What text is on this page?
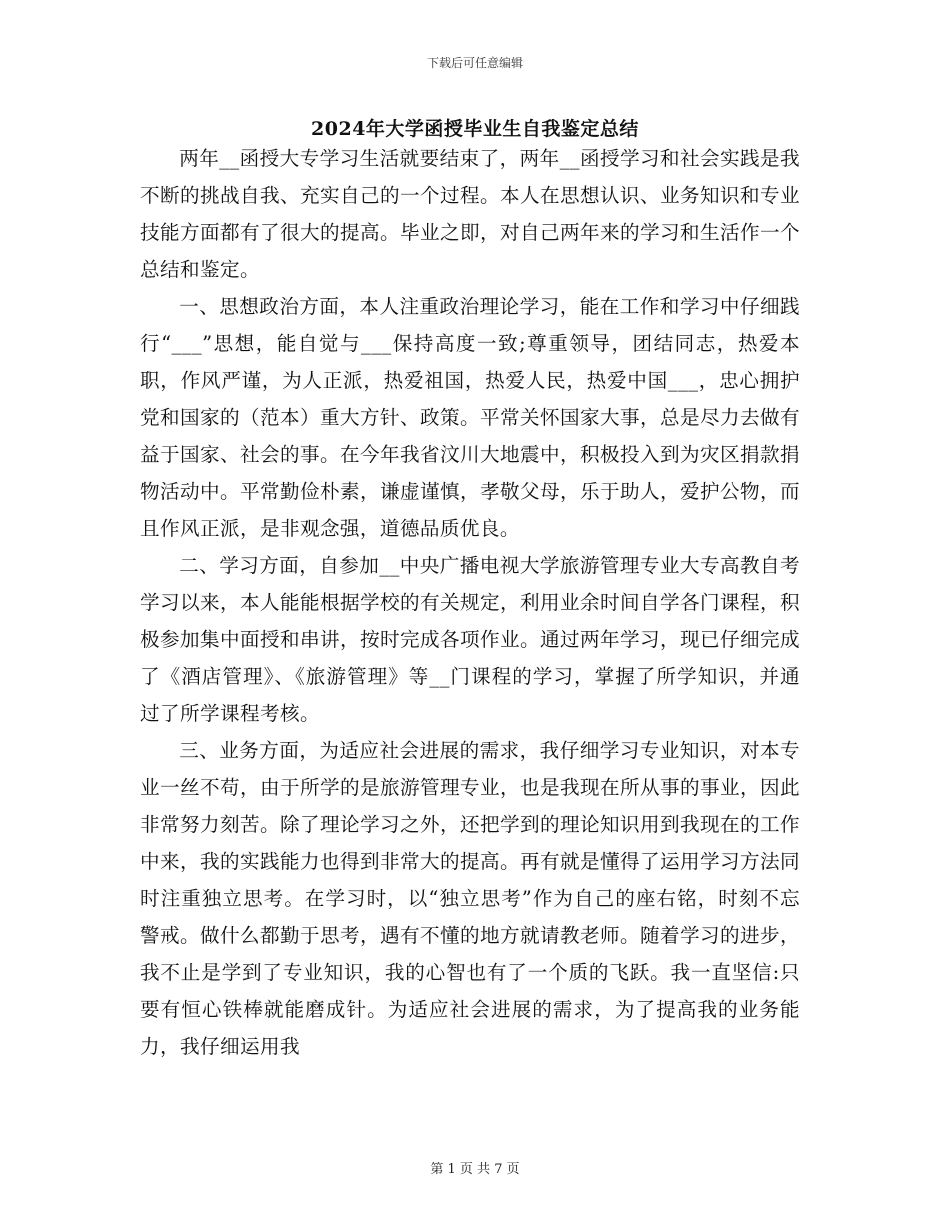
下载后可任意编辑
2024年大学函授毕业生自我鉴定总结

两年__函授大专学习生活就要结束了，两年__函授学习和社会实践是我不断的挑战自我、充实自己的一个过程。本人在思想认识、业务知识和专业技能方面都有了很大的提高。毕业之即，对自己两年来的学习和生活作一个总结和鉴定。

一、思想政治方面，本人注重政治理论学习，能在工作和学习中仔细践行“___”思想，能自觉与___保持高度一致;尊重领导，团结同志，热爱本职，作风严谨，为人正派，热爱祖国，热爱人民，热爱中国___，忠心拥护党和国家的（范本）重大方针、政策。平常关怀国家大事，总是尽力去做有益于国家、社会的事。在今年我省汶川大地震中，积极投入到为灾区捐款捐物活动中。平常勤俭朴素，谦虚谨慎，孝敬父母，乐于助人，爱护公物，而且作风正派，是非观念强，道德品质优良。

二、学习方面，自参加__中央广播电视大学旅游管理专业大专高教自考学习以来，本人能能根据学校的有关规定，利用业余时间自学各门课程，积极参加集中面授和串讲，按时完成各项作业。通过两年学习，现已仔细完成了《酒店管理》、《旅游管理》等__门课程的学习，掌握了所学知识，并通过了所学课程考核。

三、业务方面，为适应社会进展的需求，我仔细学习专业知识，对本专业一丝不苟，由于所学的是旅游管理专业，也是我现在所从事的事业，因此非常努力刻苦。除了理论学习之外，还把学到的理论知识用到我现在的工作中来，我的实践能力也得到非常大的提高。再有就是懂得了运用学习方法同时注重独立思考。在学习时，以“独立思考”作为自己的座右铭，时刻不忘警戒。做什么都勤于思考，遇有不懂的地方就请教老师。随着学习的进步，我不止是学到了专业知识，我的心智也有了一个质的飞跃。我一直坚信:只要有恒心铁棒就能磨成针。为适应社会进展的需求，为了提高我的业务能力，我仔细运用我

第 1 页 共 7 页
